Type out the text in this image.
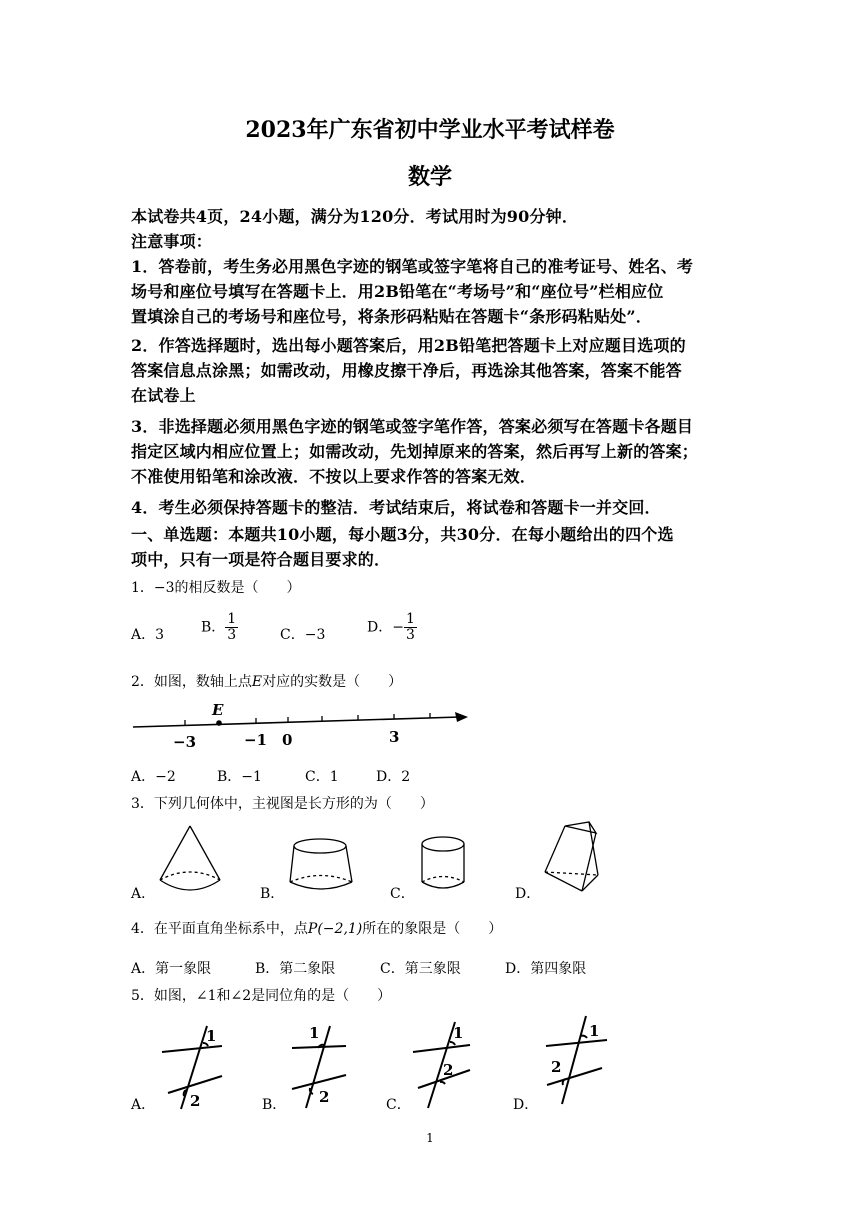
2023年广东省初中学业水平考试样卷
数学
本试卷共4页，24小题，满分为120分．考试用时为90分钟．
注意事项：
1．答卷前，考生务必用黑色字迹的钢笔或签字笔将自己的准考证号、姓名、考
场号和座位号填写在答题卡上．用2B铅笔在“考场号”和“座位号”栏相应位
置填涂自己的考场号和座位号，将条形码粘贴在答题卡“条形码粘贴处”．
2．作答选择题时，选出每小题答案后，用2B铅笔把答题卡上对应题目选项的
答案信息点涂黑；如需改动，用橡皮擦干净后，再选涂其他答案，答案不能答
在试卷上
3．非选择题必须用黑色字迹的钢笔或签字笔作答，答案必须写在答题卡各题目
指定区域内相应位置上；如需改动，先划掉原来的答案，然后再写上新的答案；
不准使用铅笔和涂改液．不按以上要求作答的答案无效．
4．考生必须保持答题卡的整洁．考试结束后，将试卷和答题卡一并交回．
一、单选题：本题共10小题，每小题3分，共30分．在每小题给出的四个选
项中，只有一项是符合题目要求的．
1．−3的相反数是（　　）
A．3	B． $\frac{1}{3}$	C．−3	D．− $\frac{1}{3}$
2．如图，数轴上点E对应的实数是（　　）
E
−3	−1 0	3
A．−2	B．−1	C．1	D．2
3．下列几何体中，主视图是长方形的为（　　）
A．	B．	C．	D．
4．在平面直角坐标系中，点P(−2,1)所在的象限是（　　）
A．第一象限	B．第二象限	C．第三象限	D．第四象限
5．如图，∠1和∠2是同位角的是（　　）
1
2
1
2
1
2
1
2
A．	B．	C．	D．
1
